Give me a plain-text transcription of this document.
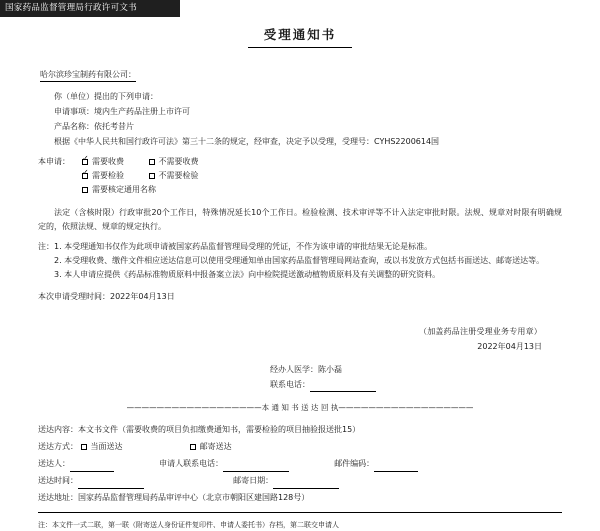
国家药品监督管理局行政许可文书
受理通知书
哈尔滨珍宝制药有限公司：
你（单位）提出的下列申请：
申请事项：境内生产药品注册上市许可
产品名称：依托考昔片
根据《中华人民共和国行政许可法》第三十二条的规定，经审查，决定予以受理，受理号：CYHS2200614国
本申请： ✓	需要收费	不需要收费
✓需要检验	不需要检验
需要核定通用名称
法定（含核时限）行政审批20个工作日，特殊情况延长10个工作日。检验检测、技术审评等不计入法定审批时限。法规、规章对时限有明确规定的，依照法规、规章的规定执行。
注：1. 本受理通知书仅作为此项申请被国家药品监督管理局受理的凭证，不作为该申请的审批结果无论是标准。
2. 本受理收费、缴件文件相应送达信息可以使用受理通知单由国家药品监督管理局网站查询，或以书发放方式包括书面送达、邮寄送达等。
3. 本人申请应提供《药品标准物质原料中报备案立法》向中检院提送激动植物质原料及有关调整的研究资料。
本次申请受理时间：2022年04月13日
（加盖药品注册受理业务专用章）
2022年04月13日
经办人医学：陈小磊
联系电话：
——————————————————本 通 知 书 送 达 回 执——————————————————
送达内容：本文书文件（需要收费的项目负扣缴费通知书，需要检验的项目抽验报送批15）
送达方式： 当面送达	邮寄送达
送达人：	申请人联系电话：	邮件编码：
送达时间：	邮寄日期：
送达地址：国家药品监督管理局药品审评中心（北京市朝阳区建国路128号）
注：本文件一式二联，第一联（附寄送人身份证件复印件、申请人委托书）存档，第二联交申请人
